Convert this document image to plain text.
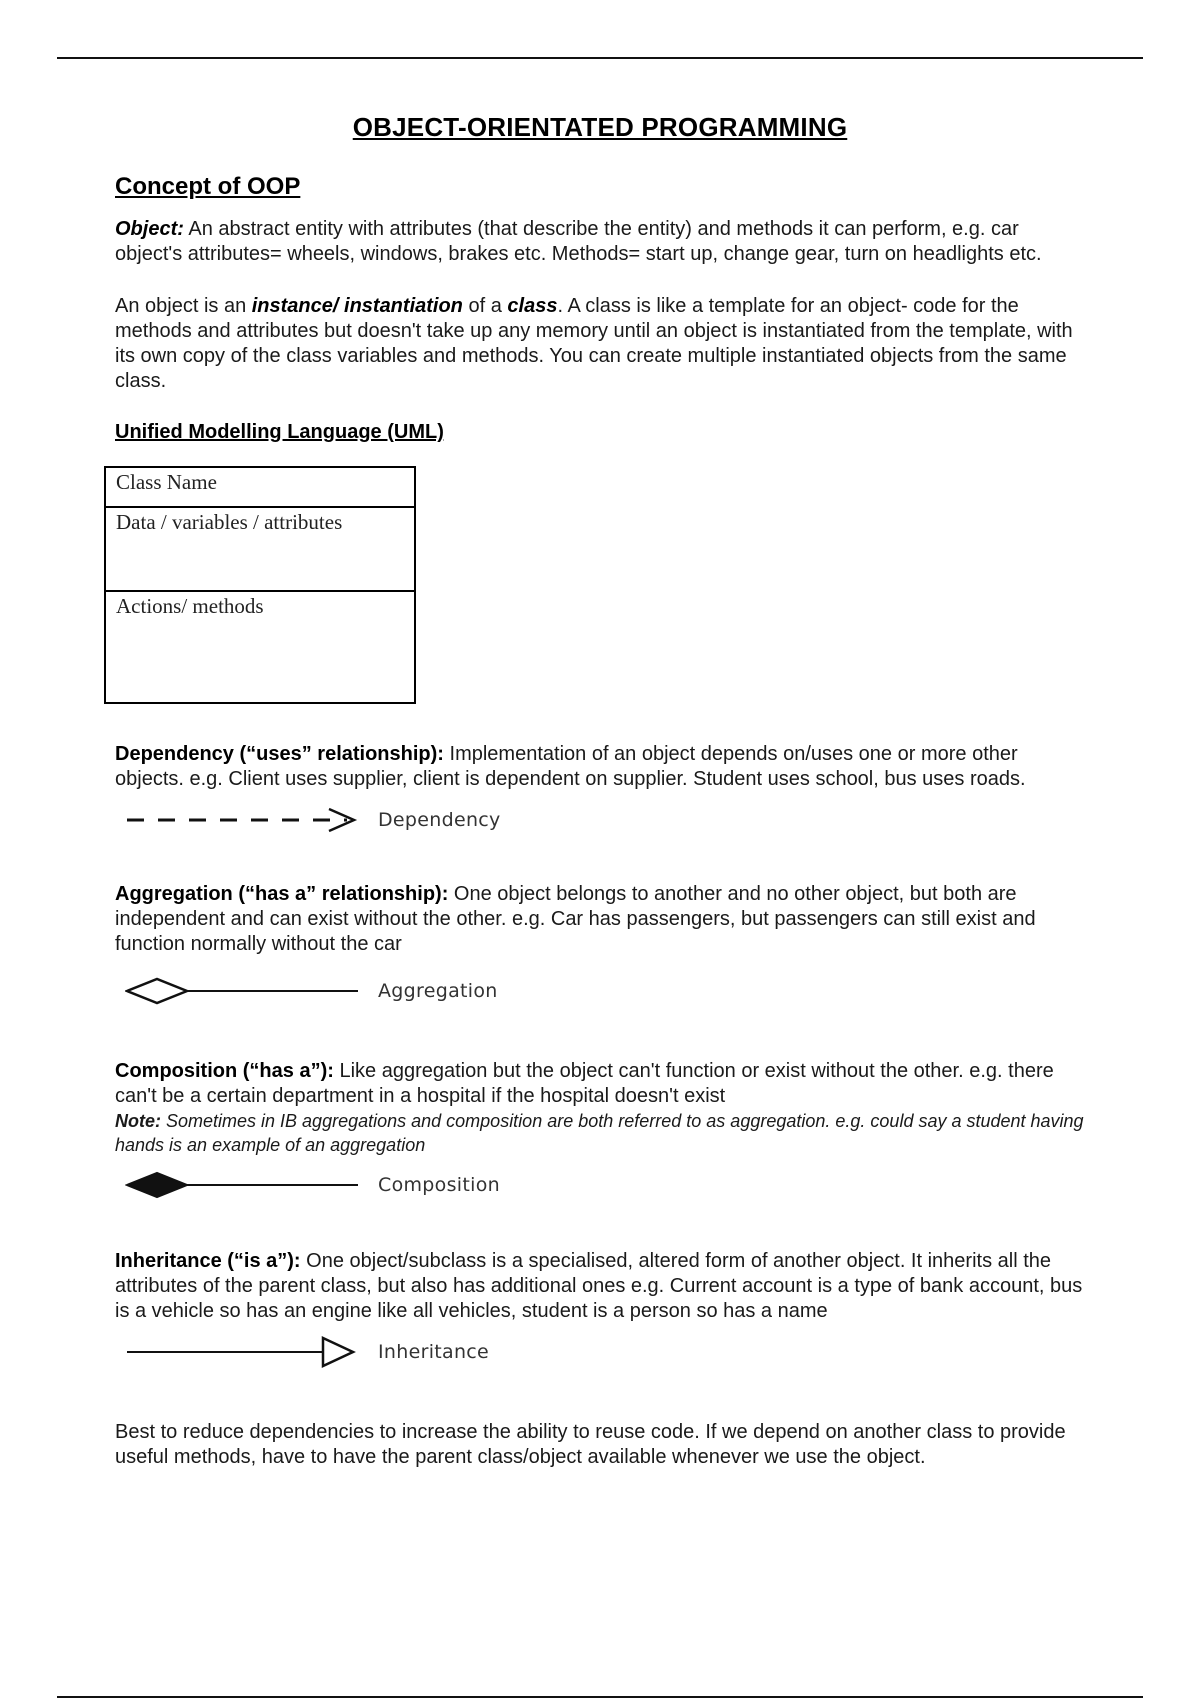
OBJECT-ORIENTATED PROGRAMMING
Concept of OOP

Object: An abstract entity with attributes (that describe the entity) and methods it can perform, e.g. car object's attributes= wheels, windows, brakes etc. Methods= start up, change gear, turn on headlights etc.

An object is an instance/ instantiation of a class. A class is like a template for an object- code for the methods and attributes but doesn't take up any memory until an object is instantiated from the template, with its own copy of the class variables and methods. You can create multiple instantiated objects from the same class.

Unified Modelling Language (UML)
Class Name
Data / variables / attributes
Actions/ methods

Dependency (“uses” relationship): Implementation of an object depends on/uses one or more other objects. e.g. Client uses supplier, client is dependent on supplier. Student uses school, bus uses roads.

Dependency

Aggregation (“has a” relationship): One object belongs to another and no other object, but both are independent and can exist without the other. e.g. Car has passengers, but passengers can still exist and function normally without the car

Aggregation

Composition (“has a”): Like aggregation but the object can't function or exist without the other. e.g. there can't be a certain department in a hospital if the hospital doesn't exist

Note: Sometimes in IB aggregations and composition are both referred to as aggregation. e.g. could say a student having hands is an example of an aggregation

Composition

Inheritance (“is a”): One object/subclass is a specialised, altered form of another object. It inherits all the attributes of the parent class, but also has additional ones e.g. Current account is a type of bank account, bus is a vehicle so has an engine like all vehicles, student is a person so has a name

Inheritance

Best to reduce dependencies to increase the ability to reuse code. If we depend on another class to provide useful methods, have to have the parent class/object available whenever we use the object.
